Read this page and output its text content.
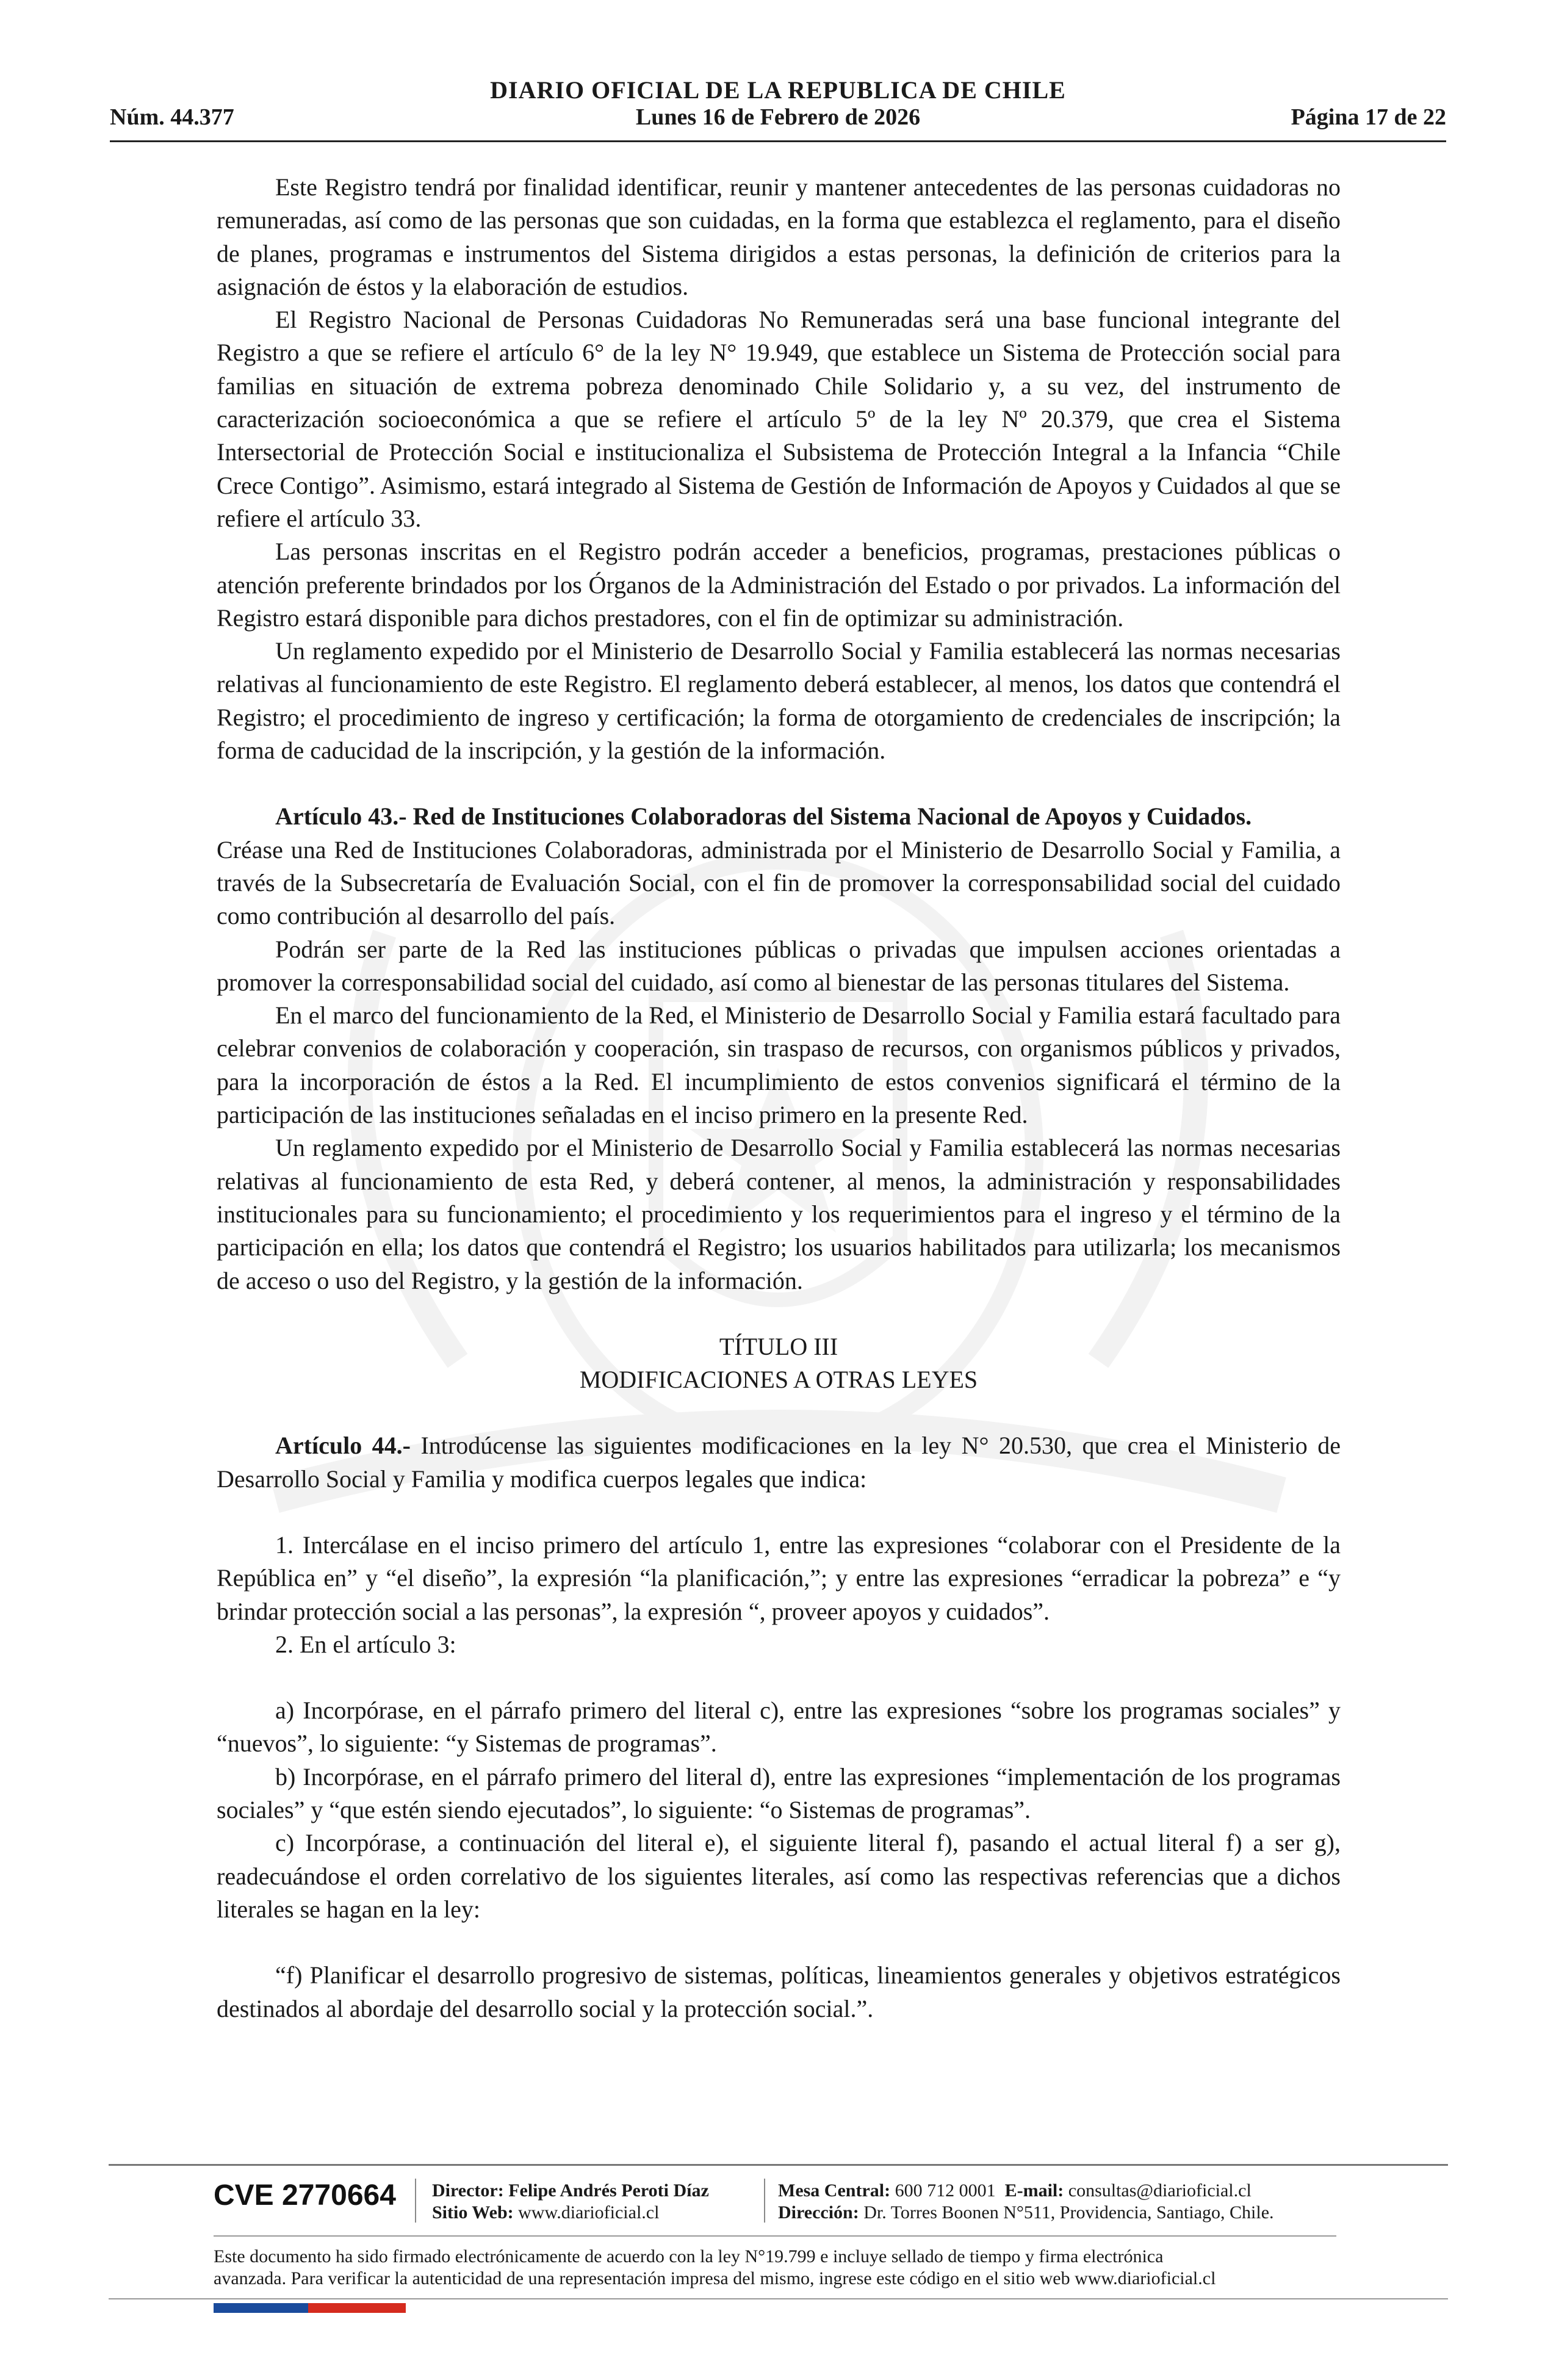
DIARIO OFICIAL DE LA REPUBLICA DE CHILE
Núm. 44.377	Lunes 16 de Febrero de 2026	Página 17 de 22

Este Registro tendrá por finalidad identificar, reunir y mantener antecedentes de las personas cuidadoras no remuneradas, así como de las personas que son cuidadas, en la forma que establezca el reglamento, para el diseño de planes, programas e instrumentos del Sistema dirigidos a estas personas, la definición de criterios para la asignación de éstos y la elaboración de estudios.

El Registro Nacional de Personas Cuidadoras No Remuneradas será una base funcional integrante del Registro a que se refiere el artículo 6° de la ley N° 19.949, que establece un Sistema de Protección social para familias en situación de extrema pobreza denominado Chile Solidario y, a su vez, del instrumento de caracterización socioeconómica a que se refiere el artículo 5º de la ley Nº 20.379, que crea el Sistema Intersectorial de Protección Social e institucionaliza el Subsistema de Protección Integral a la Infancia “Chile Crece Contigo”. Asimismo, estará integrado al Sistema de Gestión de Información de Apoyos y Cuidados al que se refiere el artículo 33.

Las personas inscritas en el Registro podrán acceder a beneficios, programas, prestaciones públicas o atención preferente brindados por los Órganos de la Administración del Estado o por privados. La información del Registro estará disponible para dichos prestadores, con el fin de optimizar su administración.

Un reglamento expedido por el Ministerio de Desarrollo Social y Familia establecerá las normas necesarias relativas al funcionamiento de este Registro. El reglamento deberá establecer, al menos, los datos que contendrá el Registro; el procedimiento de ingreso y certificación; la forma de otorgamiento de credenciales de inscripción; la forma de caducidad de la inscripción, y la gestión de la información.

Artículo 43.- Red de Instituciones Colaboradoras del Sistema Nacional de Apoyos y Cuidados.

Créase una Red de Instituciones Colaboradoras, administrada por el Ministerio de Desarrollo Social y Familia, a través de la Subsecretaría de Evaluación Social, con el fin de promover la corresponsabilidad social del cuidado como contribución al desarrollo del país.

Podrán ser parte de la Red las instituciones públicas o privadas que impulsen acciones orientadas a promover la corresponsabilidad social del cuidado, así como al bienestar de las personas titulares del Sistema.

En el marco del funcionamiento de la Red, el Ministerio de Desarrollo Social y Familia estará facultado para celebrar convenios de colaboración y cooperación, sin traspaso de recursos, con organismos públicos y privados, para la incorporación de éstos a la Red. El incumplimiento de estos convenios significará el término de la participación de las instituciones señaladas en el inciso primero en la presente Red.

Un reglamento expedido por el Ministerio de Desarrollo Social y Familia establecerá las normas necesarias relativas al funcionamiento de esta Red, y deberá contener, al menos, la administración y responsabilidades institucionales para su funcionamiento; el procedimiento y los requerimientos para el ingreso y el término de la participación en ella; los datos que contendrá el Registro; los usuarios habilitados para utilizarla; los mecanismos de acceso o uso del Registro, y la gestión de la información.

TÍTULO III

MODIFICACIONES A OTRAS LEYES

Artículo 44.- Introdúcense las siguientes modificaciones en la ley N° 20.530, que crea el Ministerio de Desarrollo Social y Familia y modifica cuerpos legales que indica:

1. Intercálase en el inciso primero del artículo 1, entre las expresiones “colaborar con el Presidente de la República en” y “el diseño”, la expresión “la planificación,”; y entre las expresiones “erradicar la pobreza” e “y brindar protección social a las personas”, la expresión “, proveer apoyos y cuidados”.

2. En el artículo 3:

a) Incorpórase, en el párrafo primero del literal c), entre las expresiones “sobre los programas sociales” y “nuevos”, lo siguiente: “y Sistemas de programas”.

b) Incorpórase, en el párrafo primero del literal d), entre las expresiones “implementación de los programas sociales” y “que estén siendo ejecutados”, lo siguiente: “o Sistemas de programas”.

c) Incorpórase, a continuación del literal e), el siguiente literal f), pasando el actual literal f) a ser g), readecuándose el orden correlativo de los siguientes literales, así como las respectivas referencias que a dichos literales se hagan en la ley:

“f) Planificar el desarrollo progresivo de sistemas, políticas, lineamientos generales y objetivos estratégicos destinados al abordaje del desarrollo social y la protección social.”.

CVE 2770664 Director: Felipe Andrés Peroti Díaz
Sitio Web: www.diarioficial.cl
Mesa Central: 600 712 0001 E-mail: consultas@diarioficial.cl
Dirección: Dr. Torres Boonen N°511, Providencia, Santiago, Chile.
Este documento ha sido firmado electrónicamente de acuerdo con la ley N°19.799 e incluye sellado de tiempo y firma electrónica
avanzada. Para verificar la autenticidad de una representación impresa del mismo, ingrese este código en el sitio web www.diarioficial.cl
